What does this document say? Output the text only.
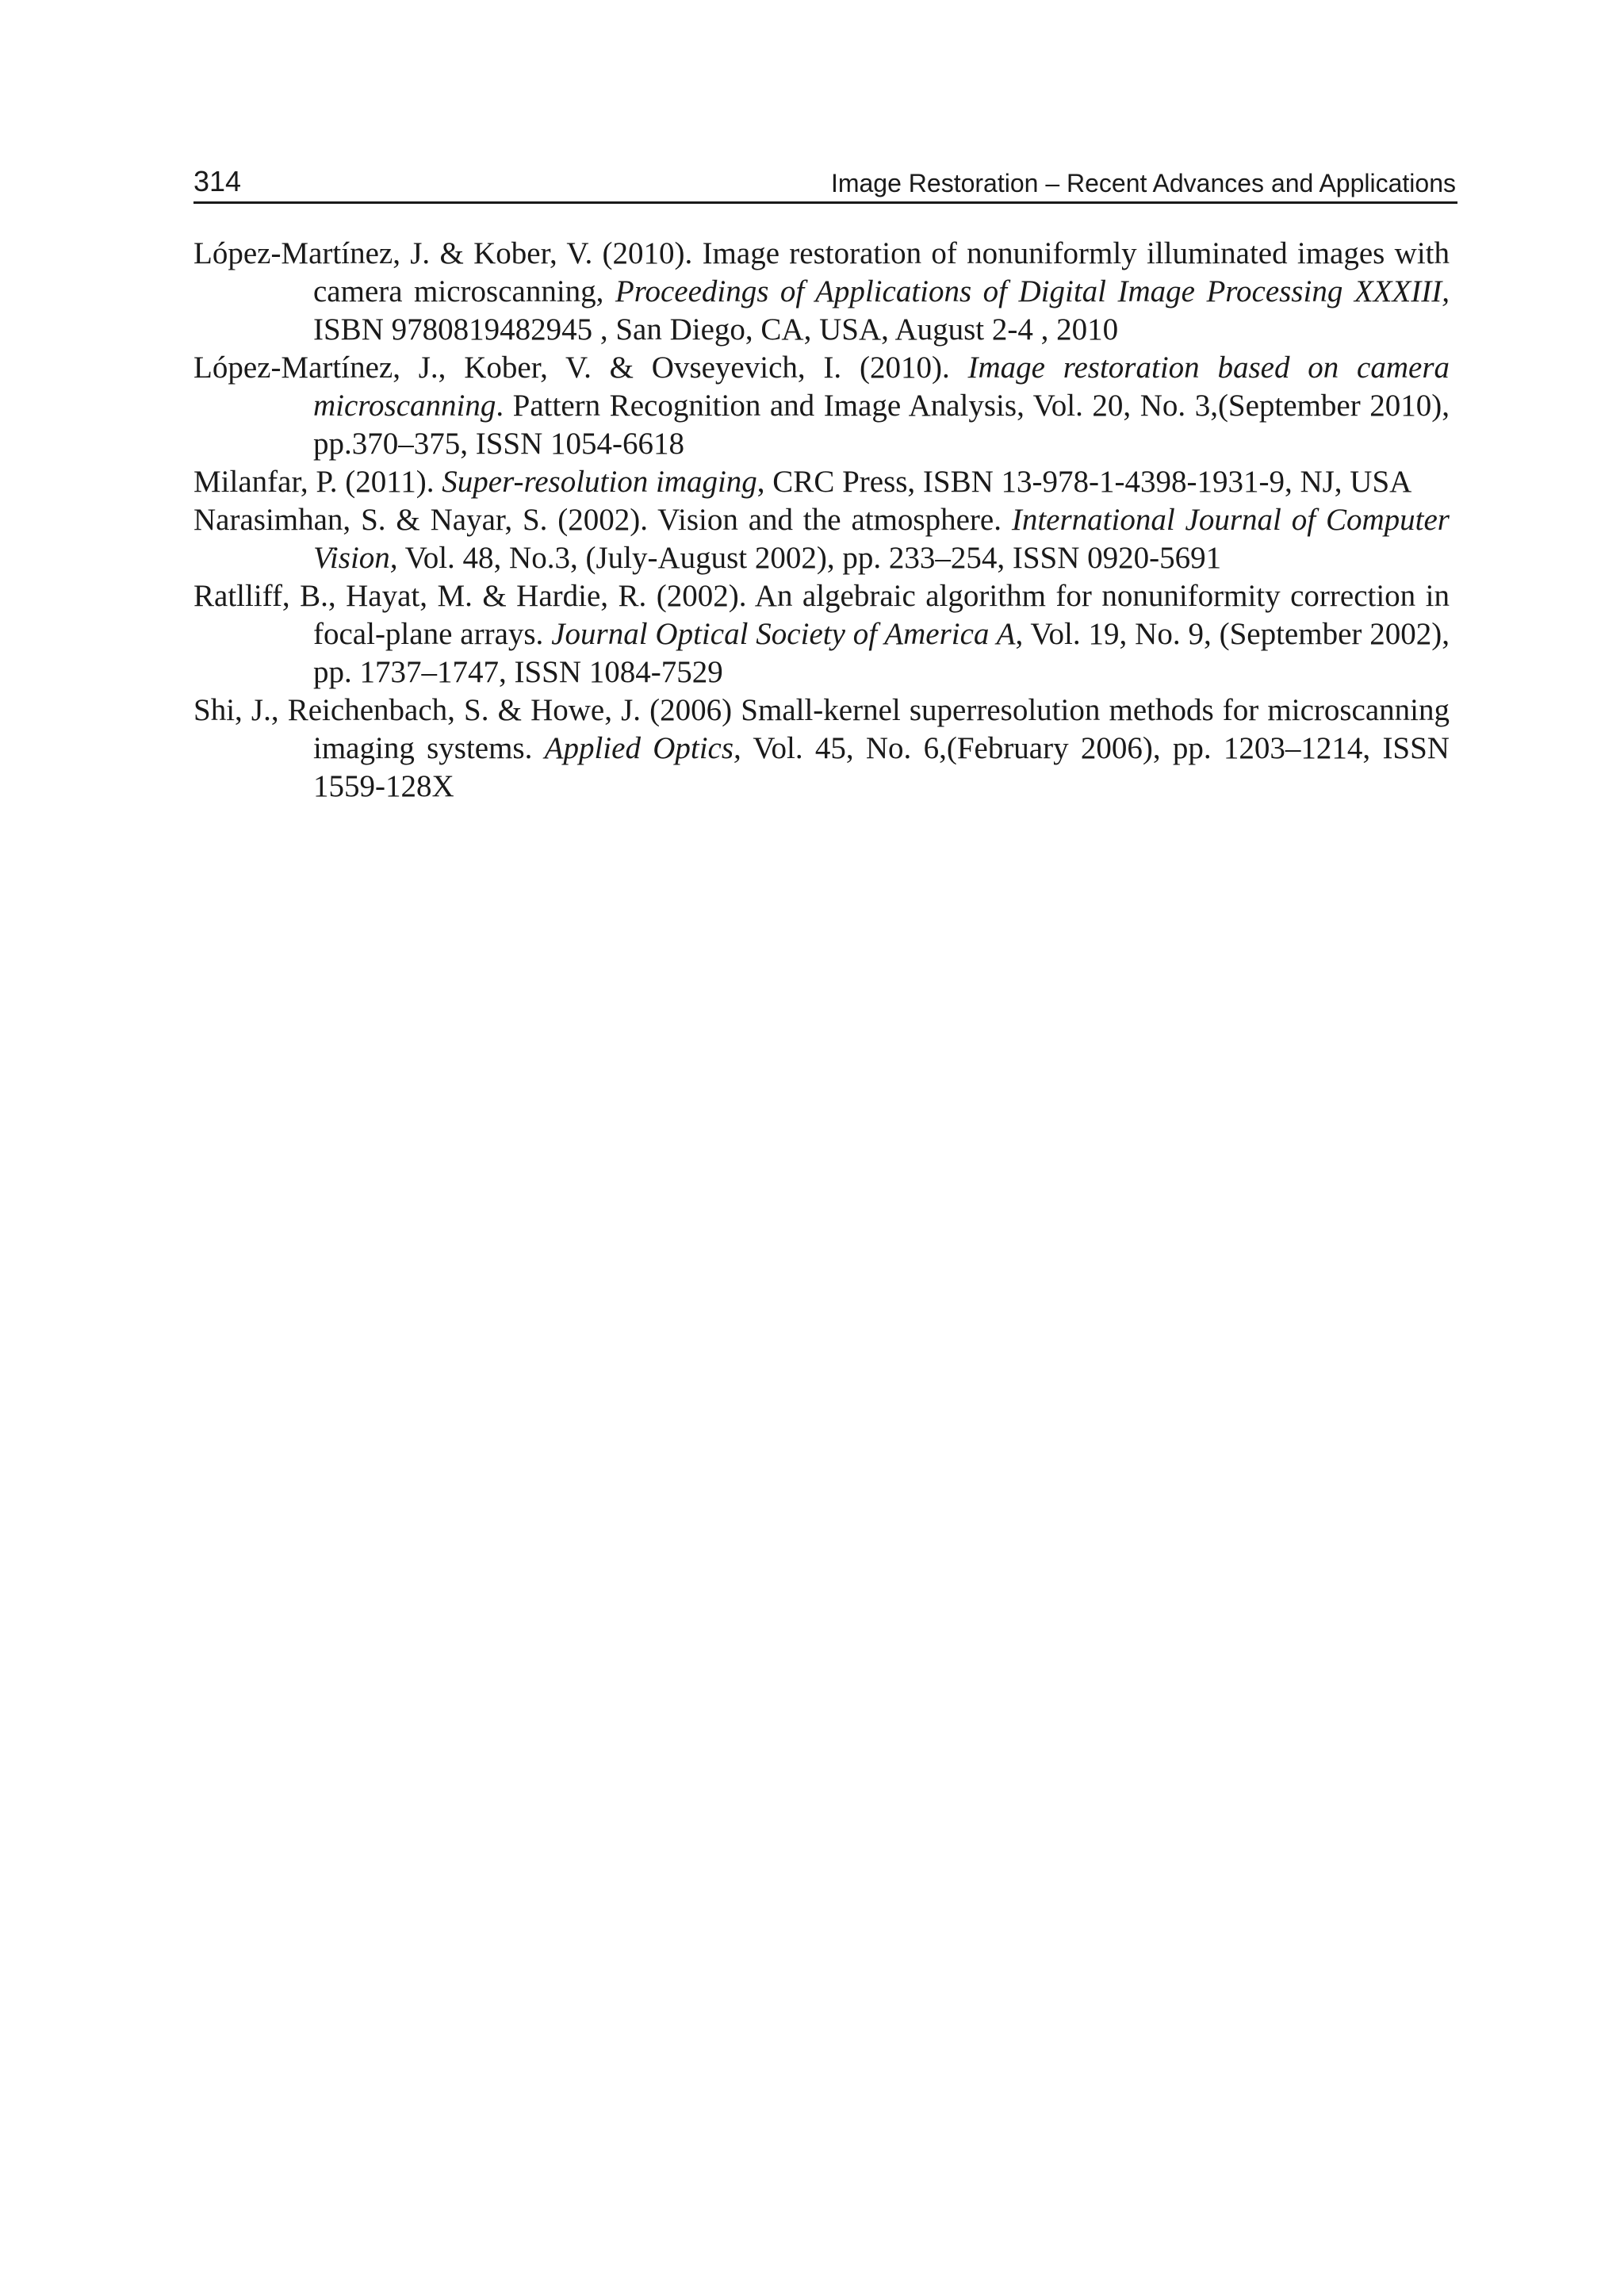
314	Image Restoration – Recent Advances and Applications
López-Martínez, J. & Kober, V. (2010). Image restoration of nonuniformly illuminated images with camera microscanning, Proceedings of Applications of Digital Image Processing XXXIII, ISBN 9780819482945 , San Diego, CA, USA, August 2-4 , 2010
López-Martínez, J., Kober, V. & Ovseyevich, I. (2010). Image restoration based on camera microscanning. Pattern Recognition and Image Analysis, Vol. 20, No. 3,(September 2010), pp.370–375, ISSN 1054-6618
Milanfar, P. (2011). Super-resolution imaging, CRC Press, ISBN 13-978-1-4398-1931-9, NJ, USA
Narasimhan, S. & Nayar, S. (2002). Vision and the atmosphere. International Journal of Computer Vision, Vol. 48, No.3, (July-August 2002), pp. 233–254, ISSN 0920-5691
Ratlliff, B., Hayat, M. & Hardie, R. (2002). An algebraic algorithm for nonuniformity correction in focal-plane arrays. Journal Optical Society of America A, Vol. 19, No. 9, (September 2002), pp. 1737–1747, ISSN 1084-7529
Shi, J., Reichenbach, S. & Howe, J. (2006) Small-kernel superresolution methods for microscanning imaging systems. Applied Optics, Vol. 45, No. 6,(February 2006), pp. 1203–1214, ISSN 1559-128X
